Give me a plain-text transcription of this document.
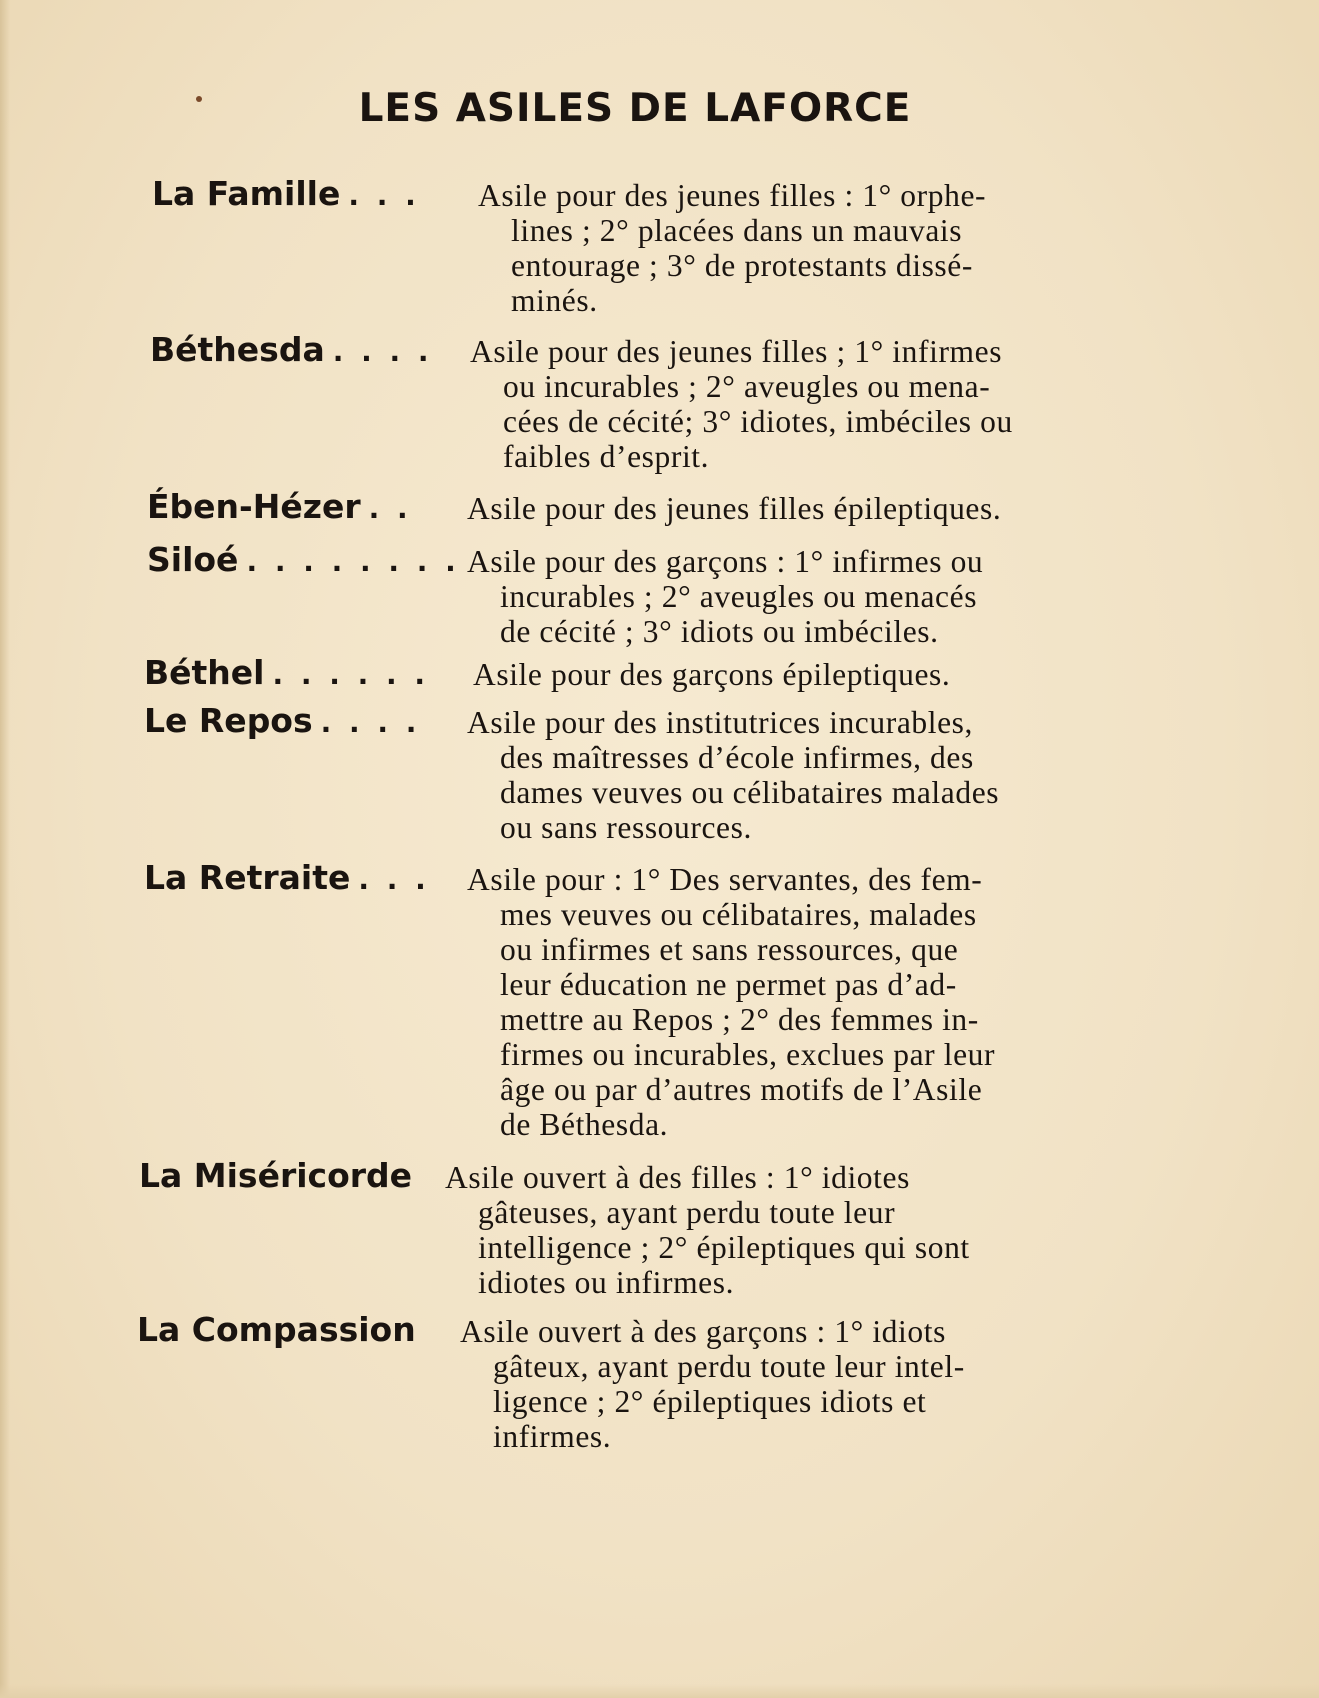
LES ASILES DE LAFORCE
La Famille . . . Asile pour des jeunes filles : 1° orphe-
lines ; 2° placées dans un mauvais
entourage ; 3° de protestants dissé-
minés.
Béthesda . . . . Asile pour des jeunes filles ; 1° infirmes
ou incurables ; 2° aveugles ou mena-
cées de cécité; 3° idiotes, imbéciles ou
faibles d’esprit.
Ében-Hézer . . Asile pour des jeunes filles épileptiques.
Siloé . . . . . . . . Asile pour des garçons : 1° infirmes ou
incurables ; 2° aveugles ou menacés
de cécité ; 3° idiots ou imbéciles.
Béthel . . . . . . Asile pour des garçons épileptiques.
Le Repos . . . . Asile pour des institutrices incurables,
des maîtresses d’école infirmes, des
dames veuves ou célibataires malades
ou sans ressources.
La Retraite . . . Asile pour : 1° Des servantes, des fem-
mes veuves ou célibataires, malades
ou infirmes et sans ressources, que
leur éducation ne permet pas d’ad-
mettre au Repos ; 2° des femmes in-
firmes ou incurables, exclues par leur
âge ou par d’autres motifs de l’Asile
de Béthesda.
La Miséricorde Asile ouvert à des filles : 1° idiotes
gâteuses, ayant perdu toute leur
intelligence ; 2° épileptiques qui sont
idiotes ou infirmes.
La Compassion Asile ouvert à des garçons : 1° idiots
gâteux, ayant perdu toute leur intel-
ligence ; 2° épileptiques idiots et
infirmes.
